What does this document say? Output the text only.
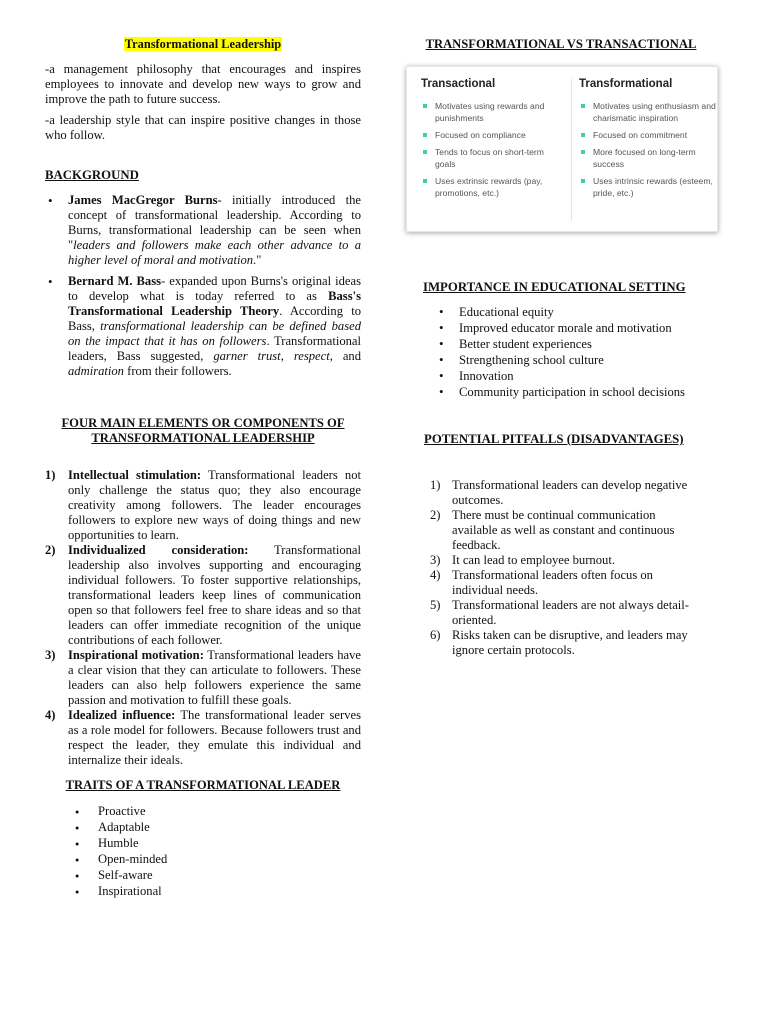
Transformational Leadership

-a management philosophy that encourages and inspires employees to innovate and develop new ways to grow and improve the path to future success.

-a leadership style that can inspire positive changes in those who follow.

BACKGROUND
• James MacGregor Burns- initially introduced the concept of transformational leadership. According to Burns, transformational leadership can be seen when "leaders and followers make each other advance to a higher level of moral and motivation."
• Bernard M. Bass- expanded upon Burns's original ideas to develop what is today referred to as Bass's Transformational Leadership Theory. According to Bass, transformational leadership can be defined based on the impact that it has on followers. Transformational leaders, Bass suggested, garner trust, respect, and admiration from their followers.
FOUR MAIN ELEMENTS OR COMPONENTS OF TRANSFORMATIONAL LEADERSHIP
1) Intellectual stimulation: Transformational leaders not only challenge the status quo; they also encourage creativity among followers. The leader encourages followers to explore new ways of doing things and new opportunities to learn.
2) Individualized consideration: Transformational leadership also involves supporting and encouraging individual followers. To foster supportive relationships, transformational leaders keep lines of communication open so that followers feel free to share ideas and so that leaders can offer immediate recognition of the unique contributions of each follower.
3) Inspirational motivation: Transformational leaders have a clear vision that they can articulate to followers. These leaders can also help followers experience the same passion and motivation to fulfill these goals.
4) Idealized influence: The transformational leader serves as a role model for followers. Because followers trust and respect the leader, they emulate this individual and internalize their ideals.
TRAITS OF A TRANSFORMATIONAL LEADER
● Proactive
● Adaptable
● Humble
● Open-minded
● Self-aware
● Inspirational
TRANSFORMATIONAL VS TRANSACTIONAL
Transactional
Motivates using rewards and punishments
Focused on compliance
Tends to focus on short-term goals
Uses extrinsic rewards (pay, promotions, etc.)
Transformational
Motivates using enthusiasm and charismatic inspiration
Focused on commitment
More focused on long-term success
Uses intrinsic rewards (esteem, pride, etc.)
IMPORTANCE IN EDUCATIONAL SETTING
• Educational equity
• Improved educator morale and motivation
• Better student experiences
• Strengthening school culture
• Innovation
• Community participation in school decisions
POTENTIAL PITFALLS (DISADVANTAGES)
1) Transformational leaders can develop negative outcomes.
2) There must be continual communication available as well as constant and continuous feedback.
3) It can lead to employee burnout.
4) Transformational leaders often focus on individual needs.
5) Transformational leaders are not always detail-oriented.
6) Risks taken can be disruptive, and leaders may ignore certain protocols.
